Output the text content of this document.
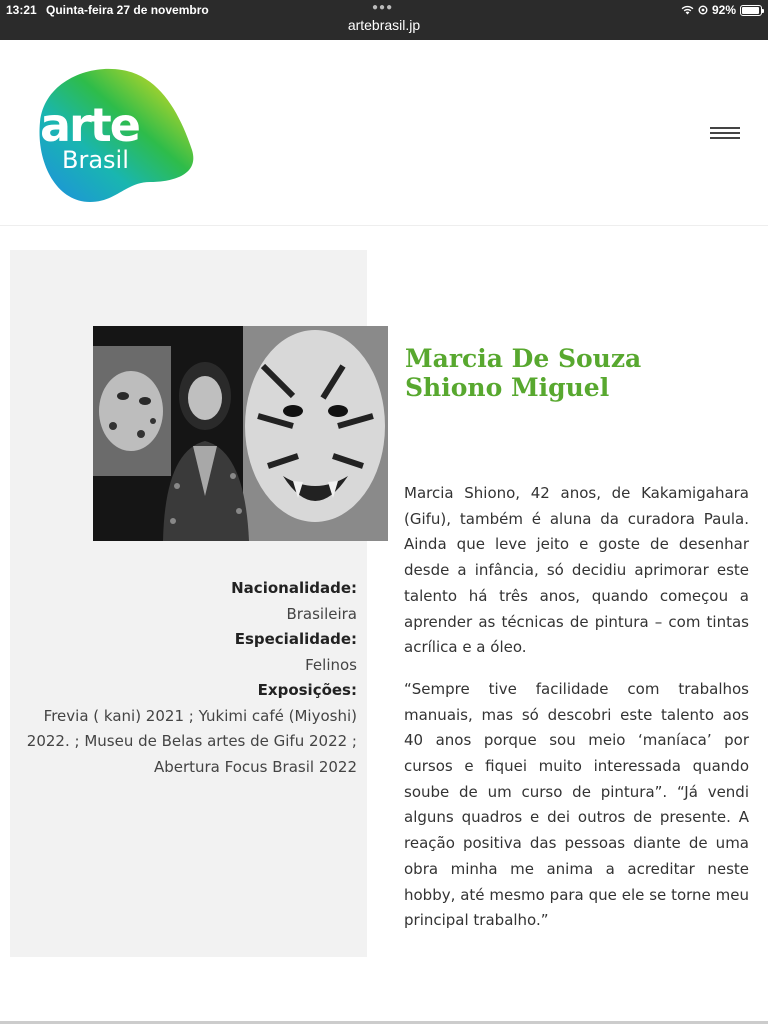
13:21 Quinta-feira 27 de novembro	●●●
artebrasil.jp
92%
arte
Brasil
Nacionalidade:
Brasileira
Especialidade:
Felinos
Exposições:
Frevia ( kani) 2021 ; Yukimi café (Miyoshi) 2022. ; Museu de Belas artes de Gifu 2022 ; Abertura Focus Brasil 2022
Marcia De Souza Shiono Miguel

Marcia Shiono, 42 anos, de Kakamigahara (Gifu), também é aluna da curadora Paula. Ainda que leve jeito e goste de desenhar desde a infância, só decidiu aprimorar este talento há três anos, quando começou a aprender as técnicas de pintura – com tintas acrílica e a óleo.

“Sempre tive facilidade com trabalhos manuais, mas só descobri este talento aos 40 anos porque sou meio ‘maníaca’ por cursos e fiquei muito interessada quando soube de um curso de pintura”. “Já vendi alguns quadros e dei outros de presente. A reação positiva das pessoas diante de uma obra minha me anima a acreditar neste hobby, até mesmo para que ele se torne meu principal trabalho.”
